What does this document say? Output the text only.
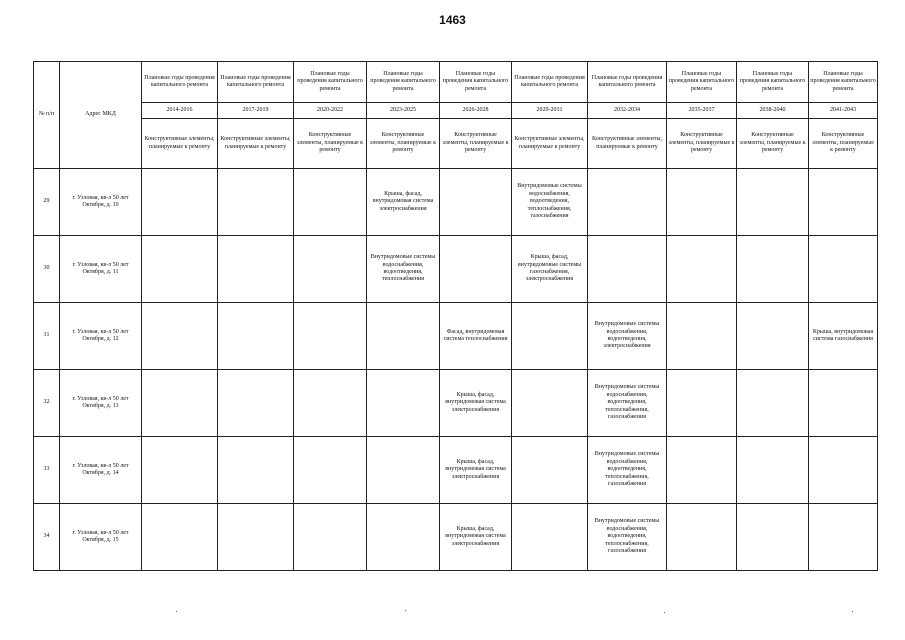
1463
№ п/п	Адрес МКД	Плановые годы проведения капитального ремонта	Плановые годы проведения капитального ремонта	Плановые годы проведения капитального ремонта	Плановые годы проведения капитального ремонта	Плановые годы проведения капитального ремонта	Плановые годы проведения капитального ремонта	Плановые годы проведения капитального ремонта	Плановые годы проведения капитального ремонта	Плановые годы проведения капитального ремонта	Плановые годы проведения капитального ремонта
		2014-2016	2017-2019	2020-2022	2023-2025	2026-2028	2029-2031	2032-2034	2035-2037	2038-2040	2041-2043
		Конструктивные элементы, планируемые к ремонту	Конструктивные элементы, планируемые к ремонту	Конструктивные элементы, планируемые к ремонту	Конструктивные элементы, планируемые к ремонту	Конструктивные элементы, планируемые к ремонту	Конструктивные элементы, планируемые к ремонту	Конструктивные элементы, планируемые к ремонту	Конструктивные элементы, планируемые к ремонту	Конструктивные элементы, планируемые к ремонту	Конструктивные элементы, планируемые к ремонту
29	г. Узловая, кв-л 50 лет Октября, д. 10				Крыша, фасад, внутридомовая система электроснабжения		Внутридомовые системы водоснабжения, водоотведения, теплоснабжения, газоснабжения				
30	г. Узловая, кв-л 50 лет Октября, д. 11				Внутридомовые системы водоснабжения, водоотведения, теплоснабжения		Крыша, фасад, внутридомовые системы газоснабжения, электроснабжения				
31	г. Узловая, кв-л 50 лет Октября, д. 12					Фасад, внутридомовая система теплоснабжения		Внутридомовые системы водоснабжения, водоотведения, электроснабжения			Крыша, внутридомовая система газоснабжения
32	г. Узловая, кв-л 50 лет Октября, д. 13					Крыша, фасад, внутридомовая система электроснабжения		Внутридомовые системы водоснабжения, водоотведения, теплоснабжения, газоснабжения			
33	г. Узловая, кв-л 50 лет Октября, д. 14					Крыша, фасад, внутридомовая система электроснабжения		Внутридомовые системы водоснабжения, водоотведения, теплоснабжения, газоснабжения			
34	г. Узловая, кв-л 50 лет Октября, д. 15					Крыша, фасад, внутридомовая система электроснабжения		Внутридомовые системы водоснабжения, водоотведения, теплоснабжения, газоснабжения			
